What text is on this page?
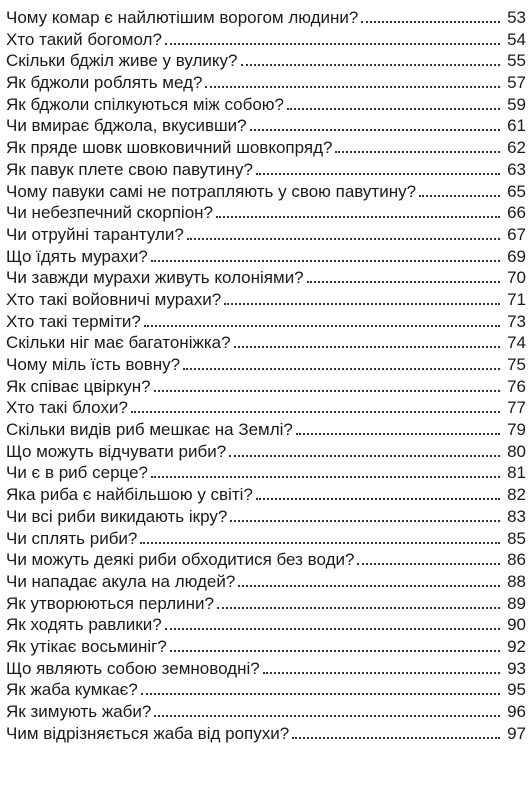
Чому комар є найлютішим ворогом людини?	53
Хто такий богомол?	54
Скільки бджіл живе у вулику?	55
Як бджоли роблять мед?	57
Як бджоли спілкуються між собою?	59
Чи вмирає бджола, вкусивши?	61
Як пряде шовк шовковичний шовкопряд?	62
Як павук плете свою павутину?	63
Чому павуки самі не потрапляють у свою павутину?	65
Чи небезпечний скорпіон?	66
Чи отруйні тарантули?	67
Що їдять мурахи?	69
Чи завжди мурахи живуть колоніями?	70
Хто такі войовничі мурахи?	71
Хто такі терміти?	73
Скільки ніг має багатоніжка?	74
Чому міль їсть вовну?	75
Як співає цвіркун?	76
Хто такі блохи?	77
Скільки видів риб мешкає на Землі?	79
Що можуть відчувати риби?	80
Чи є в риб серце?	81
Яка риба є найбільшою у світі?	82
Чи всі риби викидають ікру?	83
Чи сплять риби?	85
Чи можуть деякі риби обходитися без води?	86
Чи нападає акула на людей?	88
Як утворюються перлини?	89
Як ходять равлики?	90
Як утікає восьминіг?	92
Що являють собою земноводні?	93
Як жаба кумкає?	95
Як зимують жаби?	96
Чим відрізняється жаба від ропухи?	97
